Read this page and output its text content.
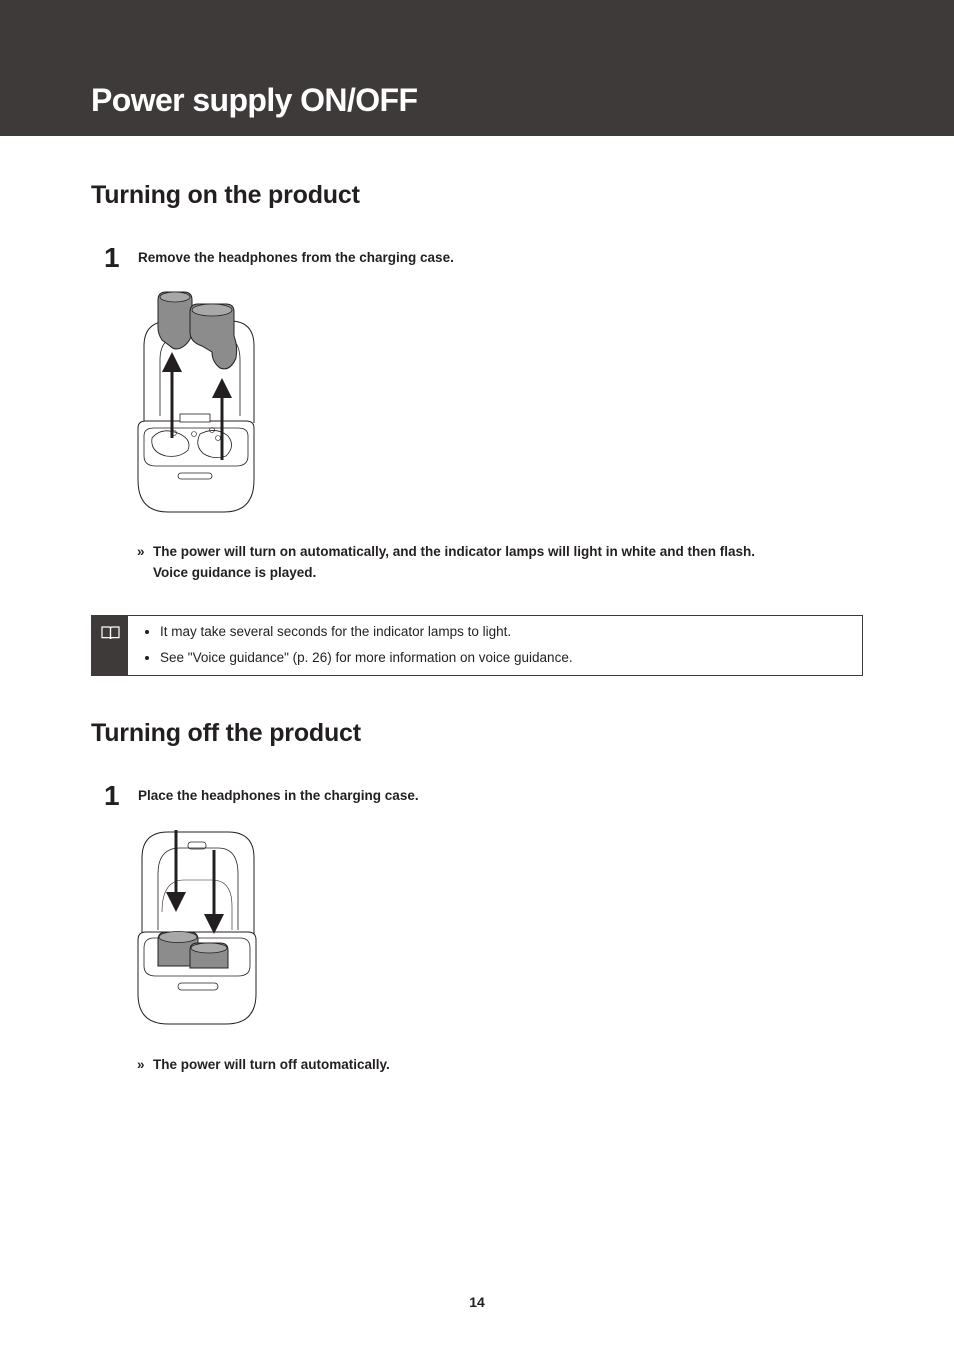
Power supply ON/OFF
Turning on the product
1 Remove the headphones from the charging case.
» The power will turn on automatically, and the indicator lamps will light in white and then flash.
Voice guidance is played.
It may take several seconds for the indicator lamps to light.
See "Voice guidance" (p. 26) for more information on voice guidance.
Turning off the product
1 Place the headphones in the charging case.
» The power will turn off automatically.
14
